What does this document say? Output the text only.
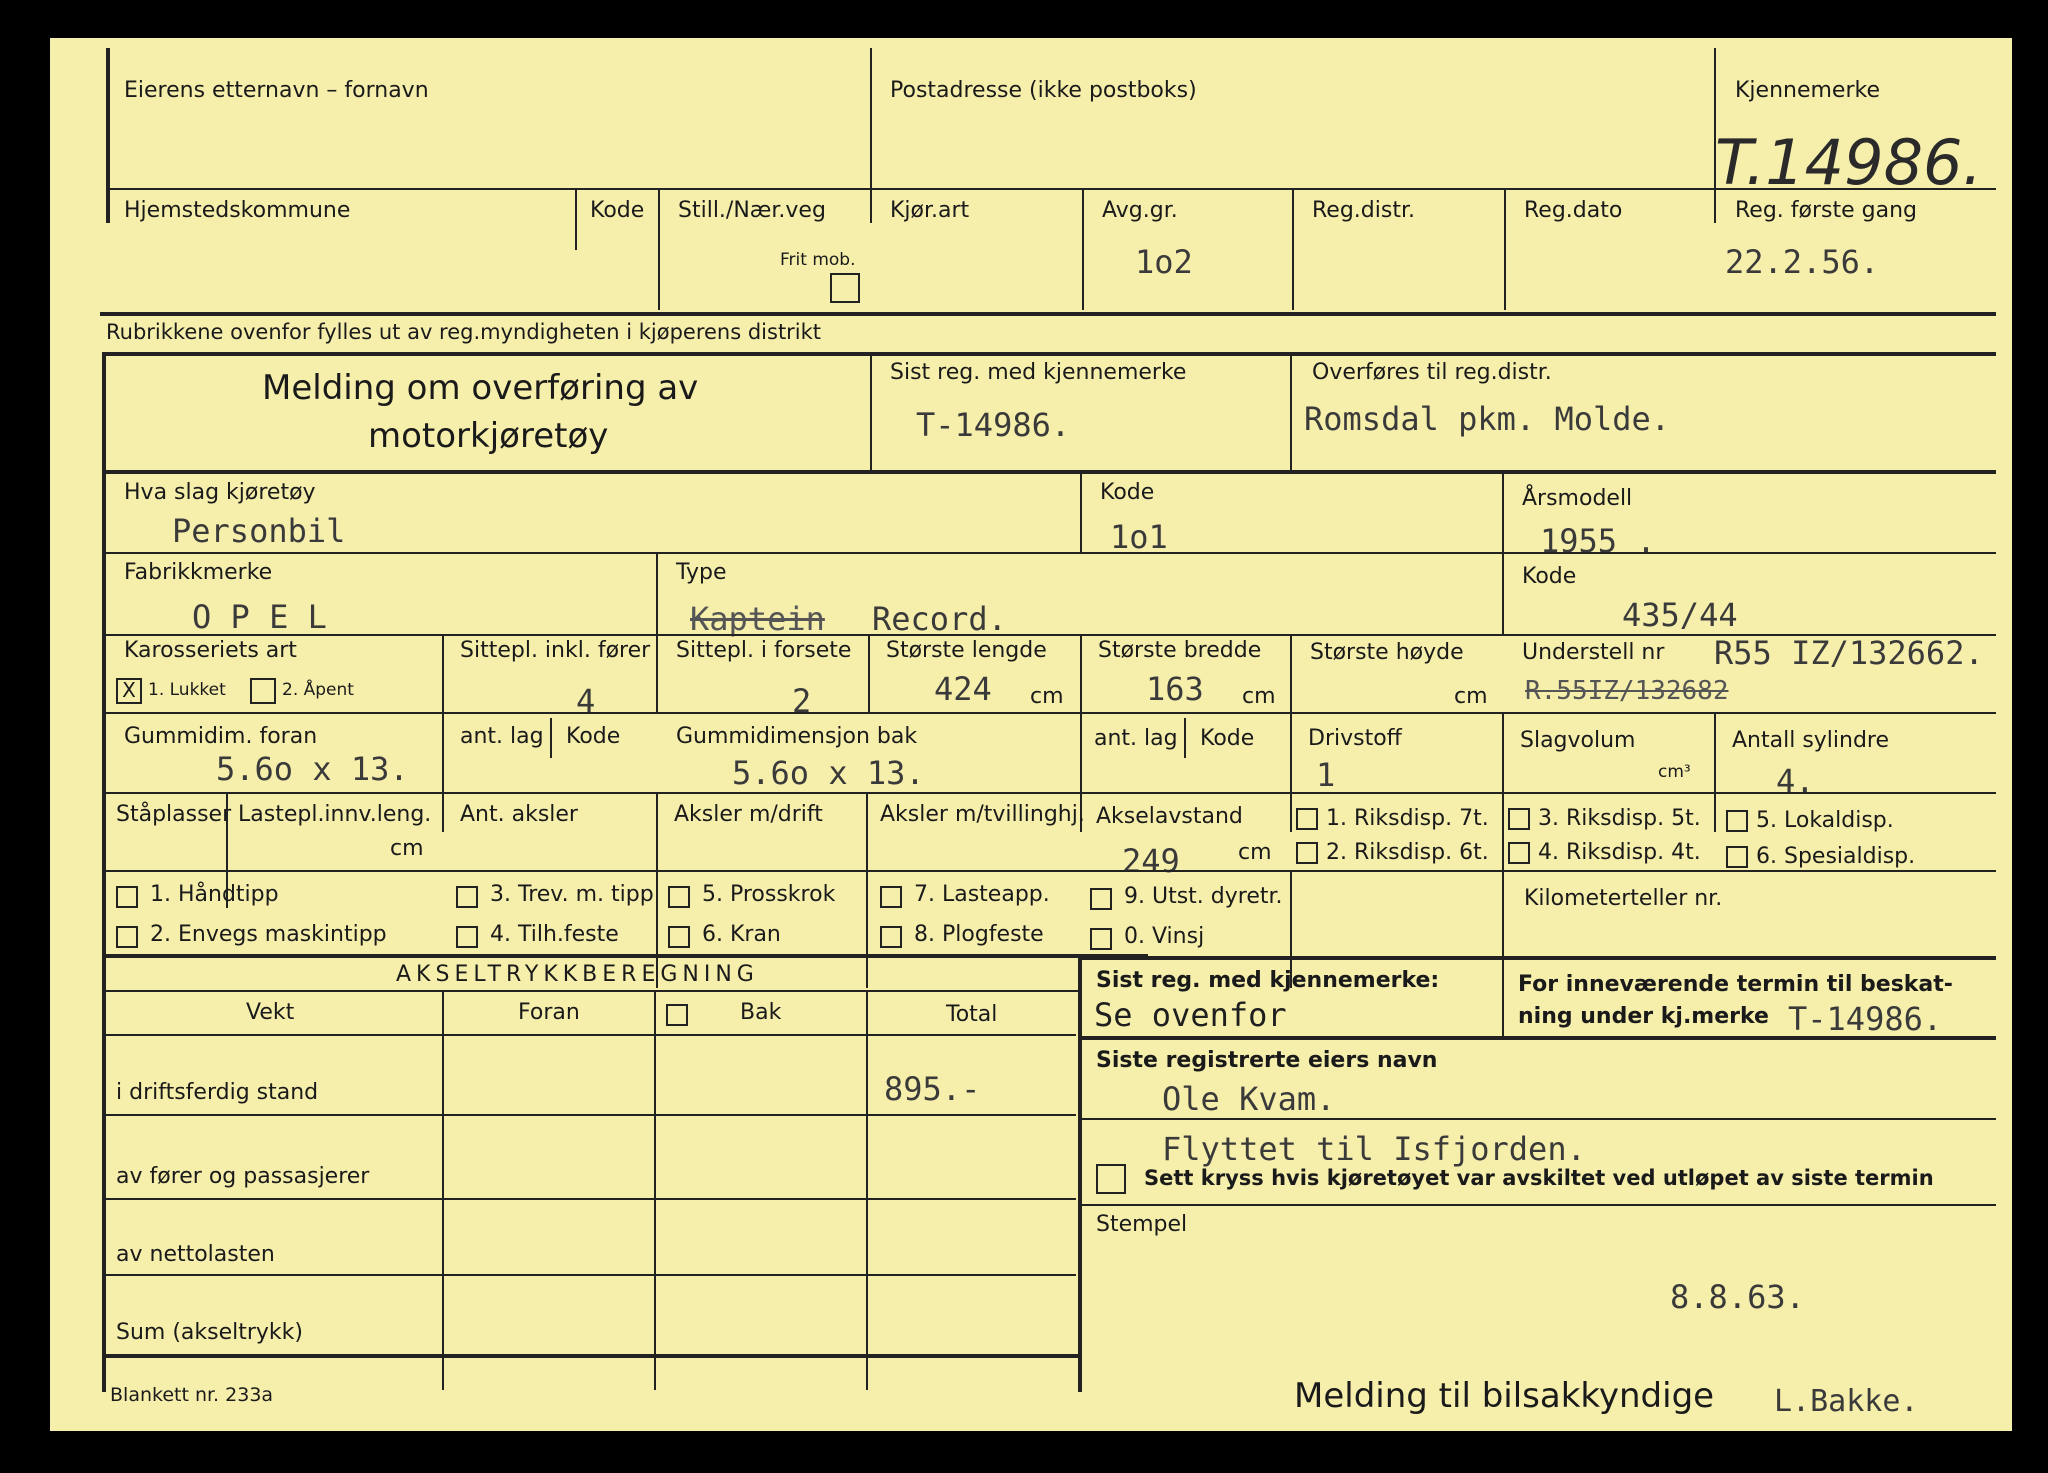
Eierens etternavn – fornavn	Postadresse (ikke postboks)	Kjennemerke
T.14986.
Hjemstedskommune	Kode Still./Nær.veg
Frit mob.
Kjør.art	Avg.gr.
1o2
Reg.distr.	Reg.dato	Reg. første gang
22.2.56.
Rubrikkene ovenfor fylles ut av reg.myndigheten i kjøperens distrikt
Melding om overføring av
motorkjøretøy
Sist reg. med kjennemerke
T-14986.
Overføres til reg.distr.
Romsdal pkm. Molde.
Hva slag kjøretøy
Personbil
Kode
1o1
Årsmodell
1955 .
Fabrikkmerke
O P E L
Type
Kaptein Record.
Kode
435/44
Karosseriets art
X 1. Lukket	2. Åpent
Sittepl. inkl. fører
4
Sittepl. i forsete
2
Største lengde
424 cm
Største bredde
163 cm
Største høyde
cm
Understell nr R55 IZ/132662.
R.55IZ/132682
Gummidim. foran
5.6o x 13.
ant. lag Kode	Gummidimensjon bak
5.6o x 13.
ant. lag Kode Drivstoff
1
Slagvolum
cm³
Antall sylindre
4.
Ståplasser Lastepl.innv.leng.
cm
Ant. aksler	Aksler m/drift	Aksler m/tvillinghj. Akselavstand
249	cm
1. Riksdisp. 7t.
2. Riksdisp. 6t.
3. Riksdisp. 5t.
4. Riksdisp. 4t.
5. Lokaldisp.
6. Spesialdisp.
1. Håndtipp
2. Envegs maskintipp
3. Trev. m. tipp
4. Tilh.feste
5. Prosskrok
6. Kran
7. Lasteapp.
8. Plogfeste
9. Utst. dyretr.
0. Vinsj
Kilometerteller nr.
AKSELTRYKKBEREGNING
Vekt	Foran	Bak	Total
i driftsferdig stand	895.-
av fører og passasjerer
av nettolasten
Sum (akseltrykk)
Sist reg. med kjennemerke:
Se ovenfor
For inneværende termin til beskat-
ning under kj.merke T-14986.
Siste registrerte eiers navn
Ole Kvam.
Flyttet til Isfjorden.
Sett kryss hvis kjøretøyet var avskiltet ved utløpet av siste termin
Stempel
8.8.63.
Blankett nr. 233a	Melding til bilsakkyndige L.Bakke.
